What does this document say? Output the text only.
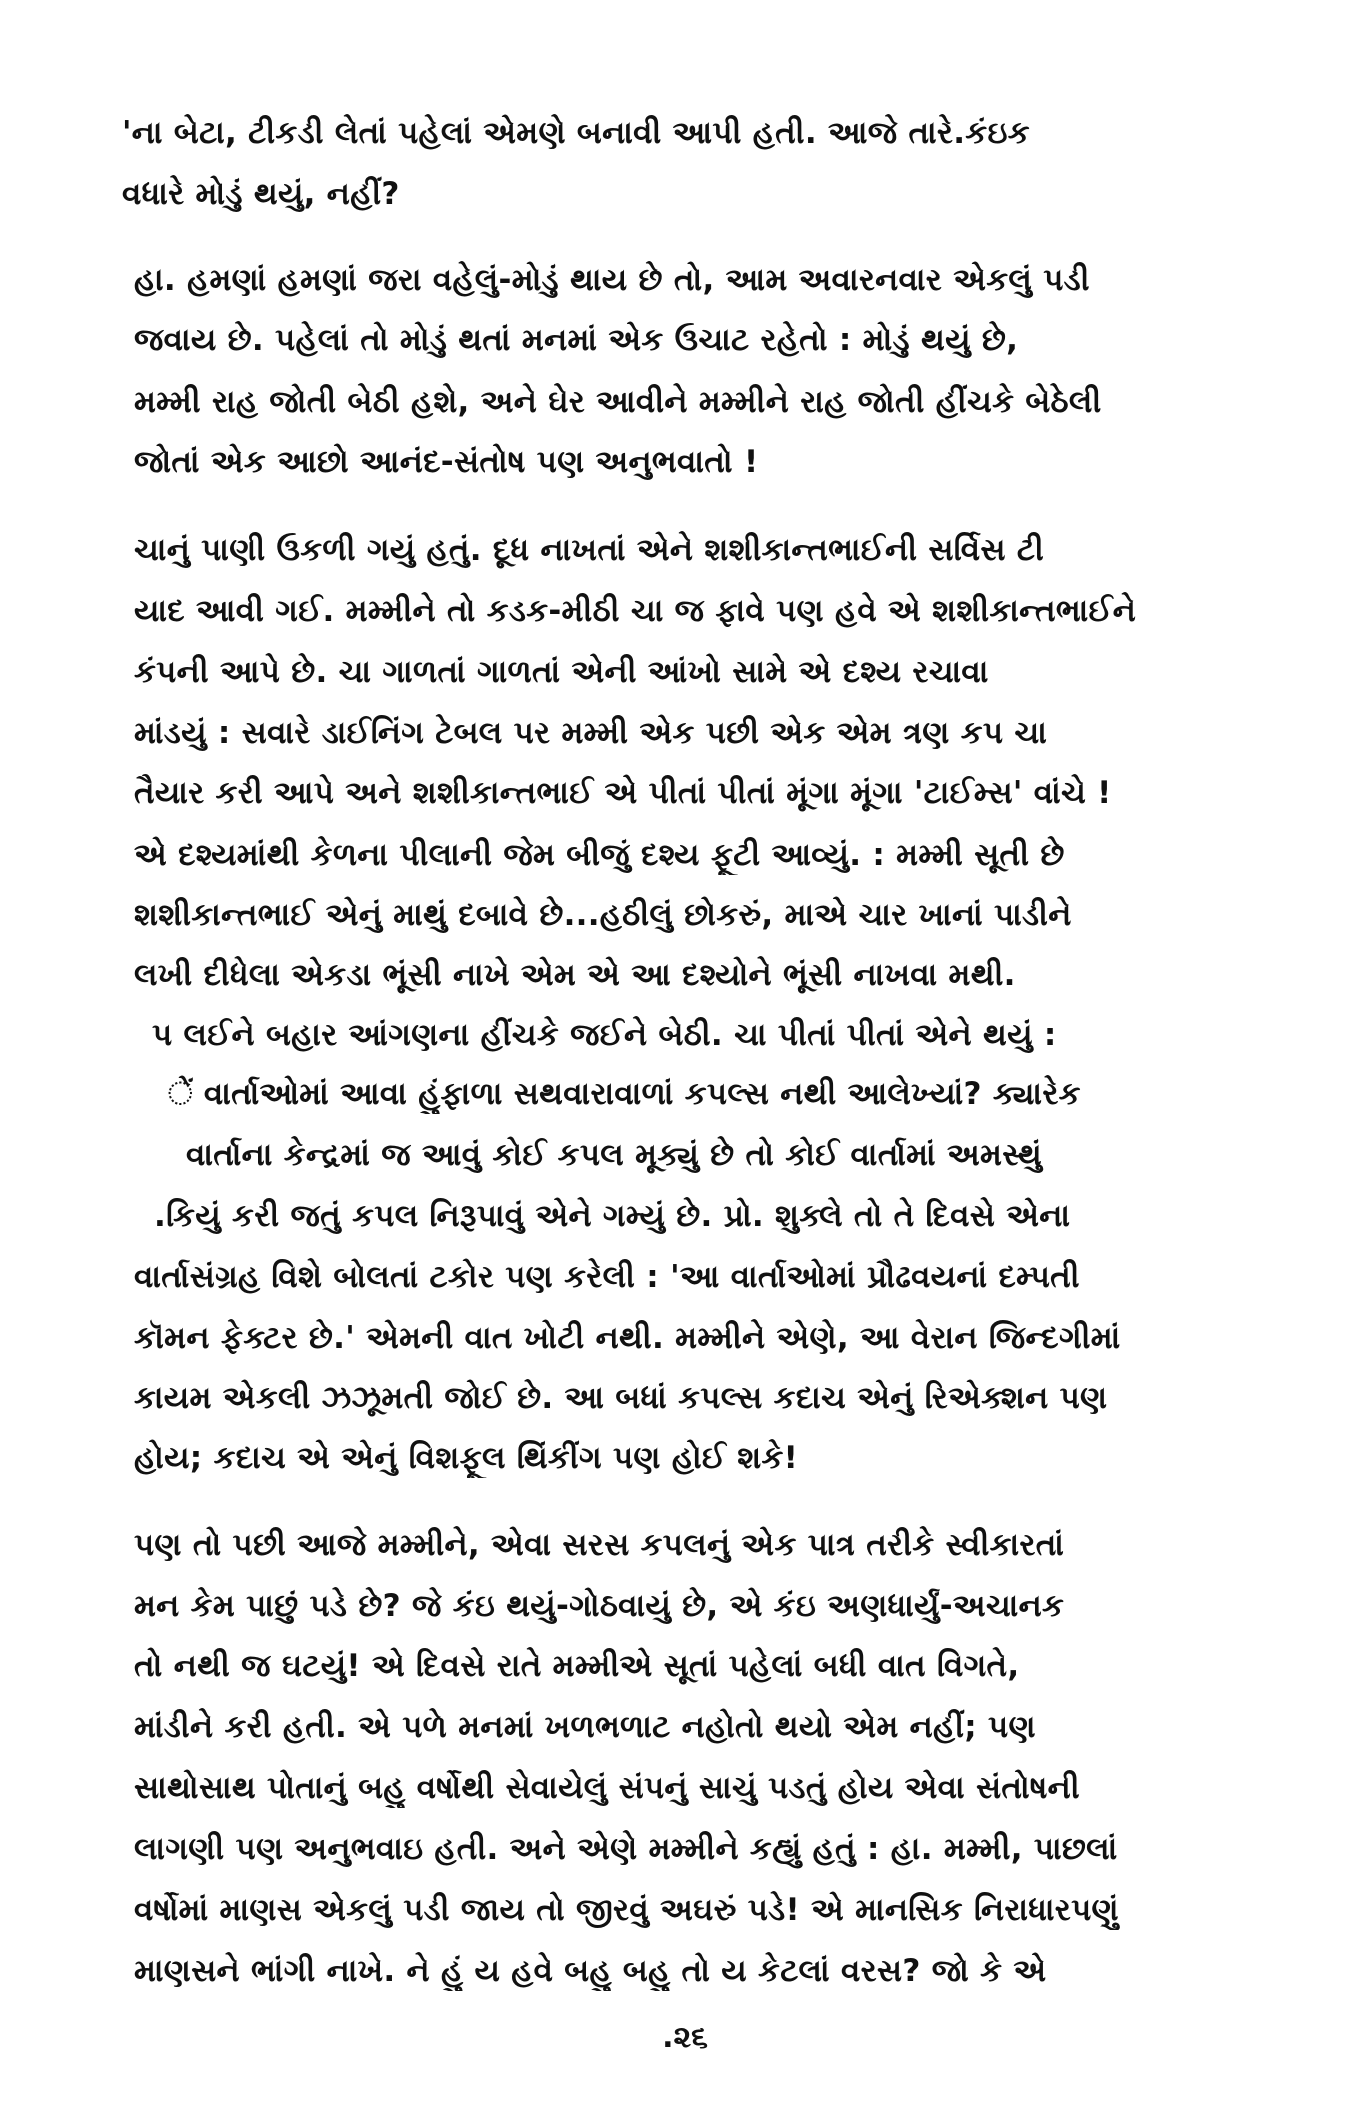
'ના બેટા, ટીકડી લેતાં પહેલાં એમણે બનાવી આપી હતી. આજે તારે.કંઇક
વધારે મોડું થયું, નહીં?
હા. હમણાં હમણાં જરા વહેલું-મોડું થાય છે તો, આમ અવારનવાર એકલું પડી
જવાય છે. પહેલાં તો મોડું થતાં મનમાં એક ઉચાટ રહેતો : મોડું થયું છે,
મમ્મી રાહ જોતી બેઠી હશે, અને ઘેર આવીને મમ્મીને રાહ જોતી હીંચકે બેઠેલી
જોતાં એક આછો આનંદ-સંતોષ પણ અનુભવાતો !
ચાનું પાણી ઉકળી ગયું હતું. દૂધ નાખતાં એને શશીકાન્તભાઈની સર્વિસ ટી
યાદ આવી ગઈ. મમ્મીને તો કડક-મીઠી ચા જ ફાવે પણ હવે એ શશીકાન્તભાઈને
કંપની આપે છે. ચા ગાળતાં ગાળતાં એની આંખો સામે એ દશ્ય રચાવા
માંડયું : સવારે ડાઈનિંગ ટેબલ પર મમ્મી એક પછી એક એમ ત્રણ કપ ચા
તૈયાર કરી આપે અને શશીકાન્તભાઈ એ પીતાં પીતાં મૂંગા મૂંગા 'ટાઈમ્સ' વાંચે !
એ દશ્યમાંથી કેળના પીલાની જેમ બીજું દશ્ય ફૂટી આવ્યું. : મમ્મી સૂતી છે
શશીકાન્તભાઈ એનું માથું દબાવે છે...હઠીલું છોકરું, માએ ચાર ખાનાં પાડીને
લખી દીધેલા એકડા ભૂંસી નાખે એમ એ આ દશ્યોને ભૂંસી નાખવા મથી.
પ લઈને બહાર આંગણના હીંચકે જઈને બેઠી. ચા પીતાં પીતાં એને થયું :
ેં વાર્તાઓમાં આવા હુંફાળા સથવારાવાળાં કપલ્સ નથી આલેખ્યાં? ક્યારેક
વાર્તાના કેન્દ્રમાં જ આવું કોઈ કપલ મૂક્યું છે તો કોઈ વાર્તામાં અમસ્થું
.કિયું કરી જતું કપલ નિરૂપાવું એને ગમ્યું છે. પ્રો. શુક્લે તો તે દિવસે એના
વાર્તાસંગ્રહ વિશે બોલતાં ટકોર પણ કરેલી : 'આ વાર્તાઓમાં પ્રૌઢવયનાં દમ્પતી
કૉમન ફેક્ટર છે.' એમની વાત ખોટી નથી. મમ્મીને એણે, આ વેરાન જિન્દગીમાં
કાયમ એકલી ઝઝૂમતી જોઈ છે. આ બધાં કપલ્સ કદાચ એનું રિએક્શન પણ
હોય; કદાચ એ એનું વિશફૂલ થિંકીંગ પણ હોઈ શકે!
પણ તો પછી આજે મમ્મીને, એવા સરસ કપલનું એક પાત્ર તરીકે સ્વીકારતાં
મન કેમ પાછું પડે છે? જે કંઇ થયું-ગોઠવાયું છે, એ કંઇ અણધાર્યું-અચાનક
તો નથી જ ઘટયું! એ દિવસે રાતે મમ્મીએ સૂતાં પહેલાં બધી વાત વિગતે,
માંડીને કરી હતી. એ પળે મનમાં ખળભળાટ નહોતો થયો એમ નહીં; પણ
સાથોસાથ પોતાનું બહુ વર્ષોથી સેવાયેલું સંપનું સાચું પડતું હોય એવા સંતોષની
લાગણી પણ અનુભવાઇ હતી. અને એણે મમ્મીને કહ્યું હતું : હા. મમ્મી, પાછલાં
વર્ષોમાં માણસ એકલું પડી જાય તો જીરવું અઘરું પડે! એ માનસિક નિરાધારપણું
માણસને ભાંગી નાખે. ને હું ય હવે બહુ બહુ તો ય કેટલાં વરસ? જો કે એ
.૨૬
